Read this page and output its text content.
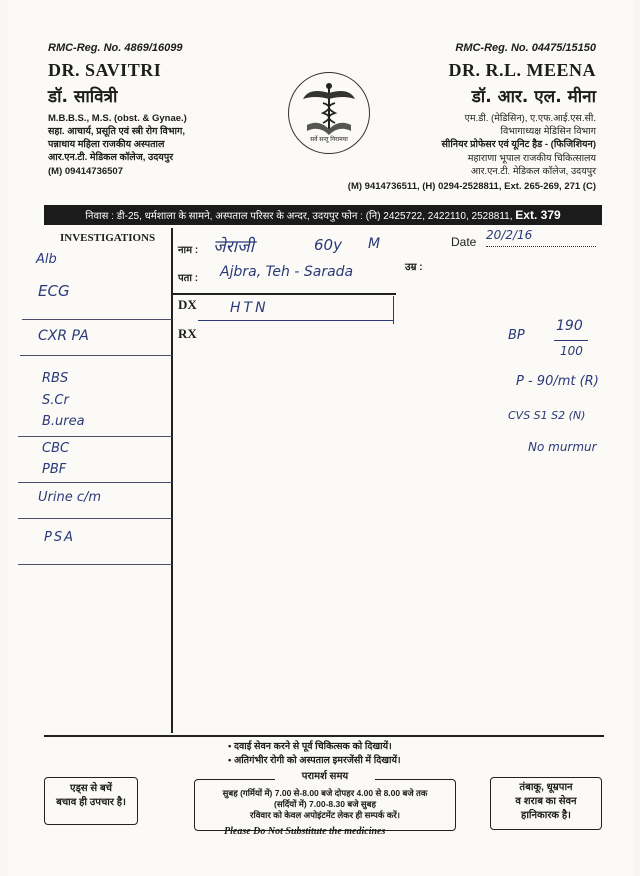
RMC-Reg. No. 4869/16099
DR. SAVITRI
डॉ. सावित्री
M.B.B.S., M.S. (obst. & Gynae.)
सहा. आचार्य, प्रसूति एवं स्त्री रोग विभाग,
पन्नाधाय महिला राजकीय अस्पताल
आर.एन.टी. मेडिकल कॉलेज, उदयपुर
(M) 09414736507
सर्वे सन्तु निरामया
RMC-Reg. No. 04475/15150
DR. R.L. MEENA
डॉ. आर. एल. मीना
एम.डी. (मेडिसिन), ए.एफ.आई.एस.सी.
विभागाध्यक्ष मेडिसिन विभाग
सीनियर प्रोफेसर एवं यूनिट हैड - (फिजिशियन)
महाराणा भूपाल राजकीय चिकित्सालय
आर.एन.टी. मेडिकल कॉलेज, उदयपुर
(M) 9414736511, (H) 0294-2528811, Ext. 265-269, 271 (C)
निवास : डी-25, धर्मशाला के सामने, अस्पताल परिसर के अन्दर, उदयपुर फोन : (नि) 2425722, 2422110, 2528811, Ext. 379
INVESTIGATIONS
नाम :
पता :
उम्र :
Date
DX
RX
जेराजी	60y M
Ajbra, Teh - Sarada
20/2/16
HTN
Alb
ECG
CXR PA
RBS
S.Cr
B.urea
CBC
PBF
Urine c/m
PSA
BP
190
100
P - 90/mt (R)
CVS S1 S2 (N)
No murmur
• दवाई सेवन करने से पूर्व चिकित्सक को दिखायें।
• अतिगंभीर रोगी को अस्पताल इमरजेंसी में दिखायें।
एड्स से बचें
बचाव ही उपचार है।
परामर्श समय
सुबह (गर्मियों में) 7.00 से-8.00 बजे दोपहर 4.00 से 8.00 बजे तक
(सर्दियों में) 7.00-8.30 बजे सुबह
रविवार को केवल अपोइंटमेंट लेकर ही सम्पर्क करें।
तंबाकू, धूम्रपान
व शराब का सेवन
हानिकारक है।
Please Do Not Substitute the medicines
